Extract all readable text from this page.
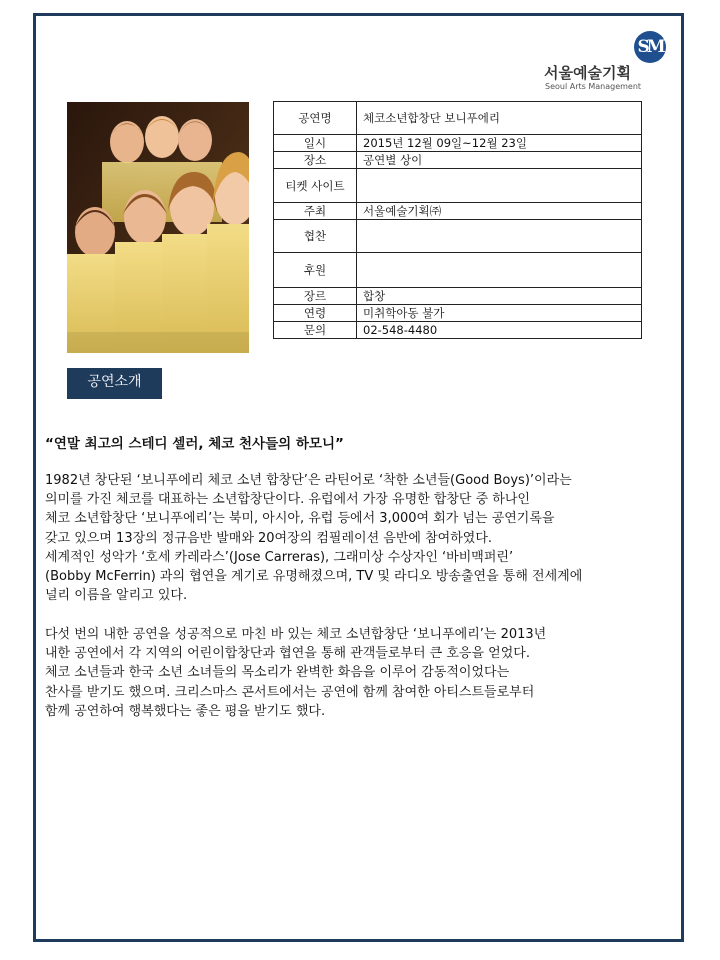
SM
서울예술기획
Seoul Arts Management
공연명	체코소년합창단 보니푸에리
일시	2015년 12월 09일~12월 23일
장소	공연별 상이
티켓 사이트	
주최	서울예술기획㈜
협찬	
후원	
장르	합창
연령	미취학아동 불가
문의	02-548-4480
공연소개
“연말 최고의 스테디 셀러, 체코 천사들의 하모니”
1982년 창단된 ‘보니푸에리 체코 소년 합창단’은 라틴어로 ‘착한 소년들(Good Boys)’이라는
의미를 가진 체코를 대표하는 소년합창단이다. 유럽에서 가장 유명한 합창단 중 하나인
체코 소년합창단 ‘보니푸에리’는 북미, 아시아, 유럽 등에서 3,000여 회가 넘는 공연기록을
갖고 있으며 13장의 정규음반 발매와 20여장의 컴필레이션 음반에 참여하였다.
세계적인 성악가 ‘호세 카레라스’(Jose Carreras), 그래미상 수상자인 ‘바비맥퍼린’
(Bobby McFerrin) 과의 협연을 계기로 유명해졌으며, TV 및 라디오 방송출연을 통해 전세계에
널리 이름을 알리고 있다.
다섯 번의 내한 공연을 성공적으로 마친 바 있는 체코 소년합창단 ‘보니푸에리’는 2013년
내한 공연에서 각 지역의 어린이합창단과 협연을 통해 관객들로부터 큰 호응을 얻었다.
체코 소년들과 한국 소년 소녀들의 목소리가 완벽한 화음을 이루어 감동적이었다는
찬사를 받기도 했으며. 크리스마스 콘서트에서는 공연에 함께 참여한 아티스트들로부터
함께 공연하여 행복했다는 좋은 평을 받기도 했다.
